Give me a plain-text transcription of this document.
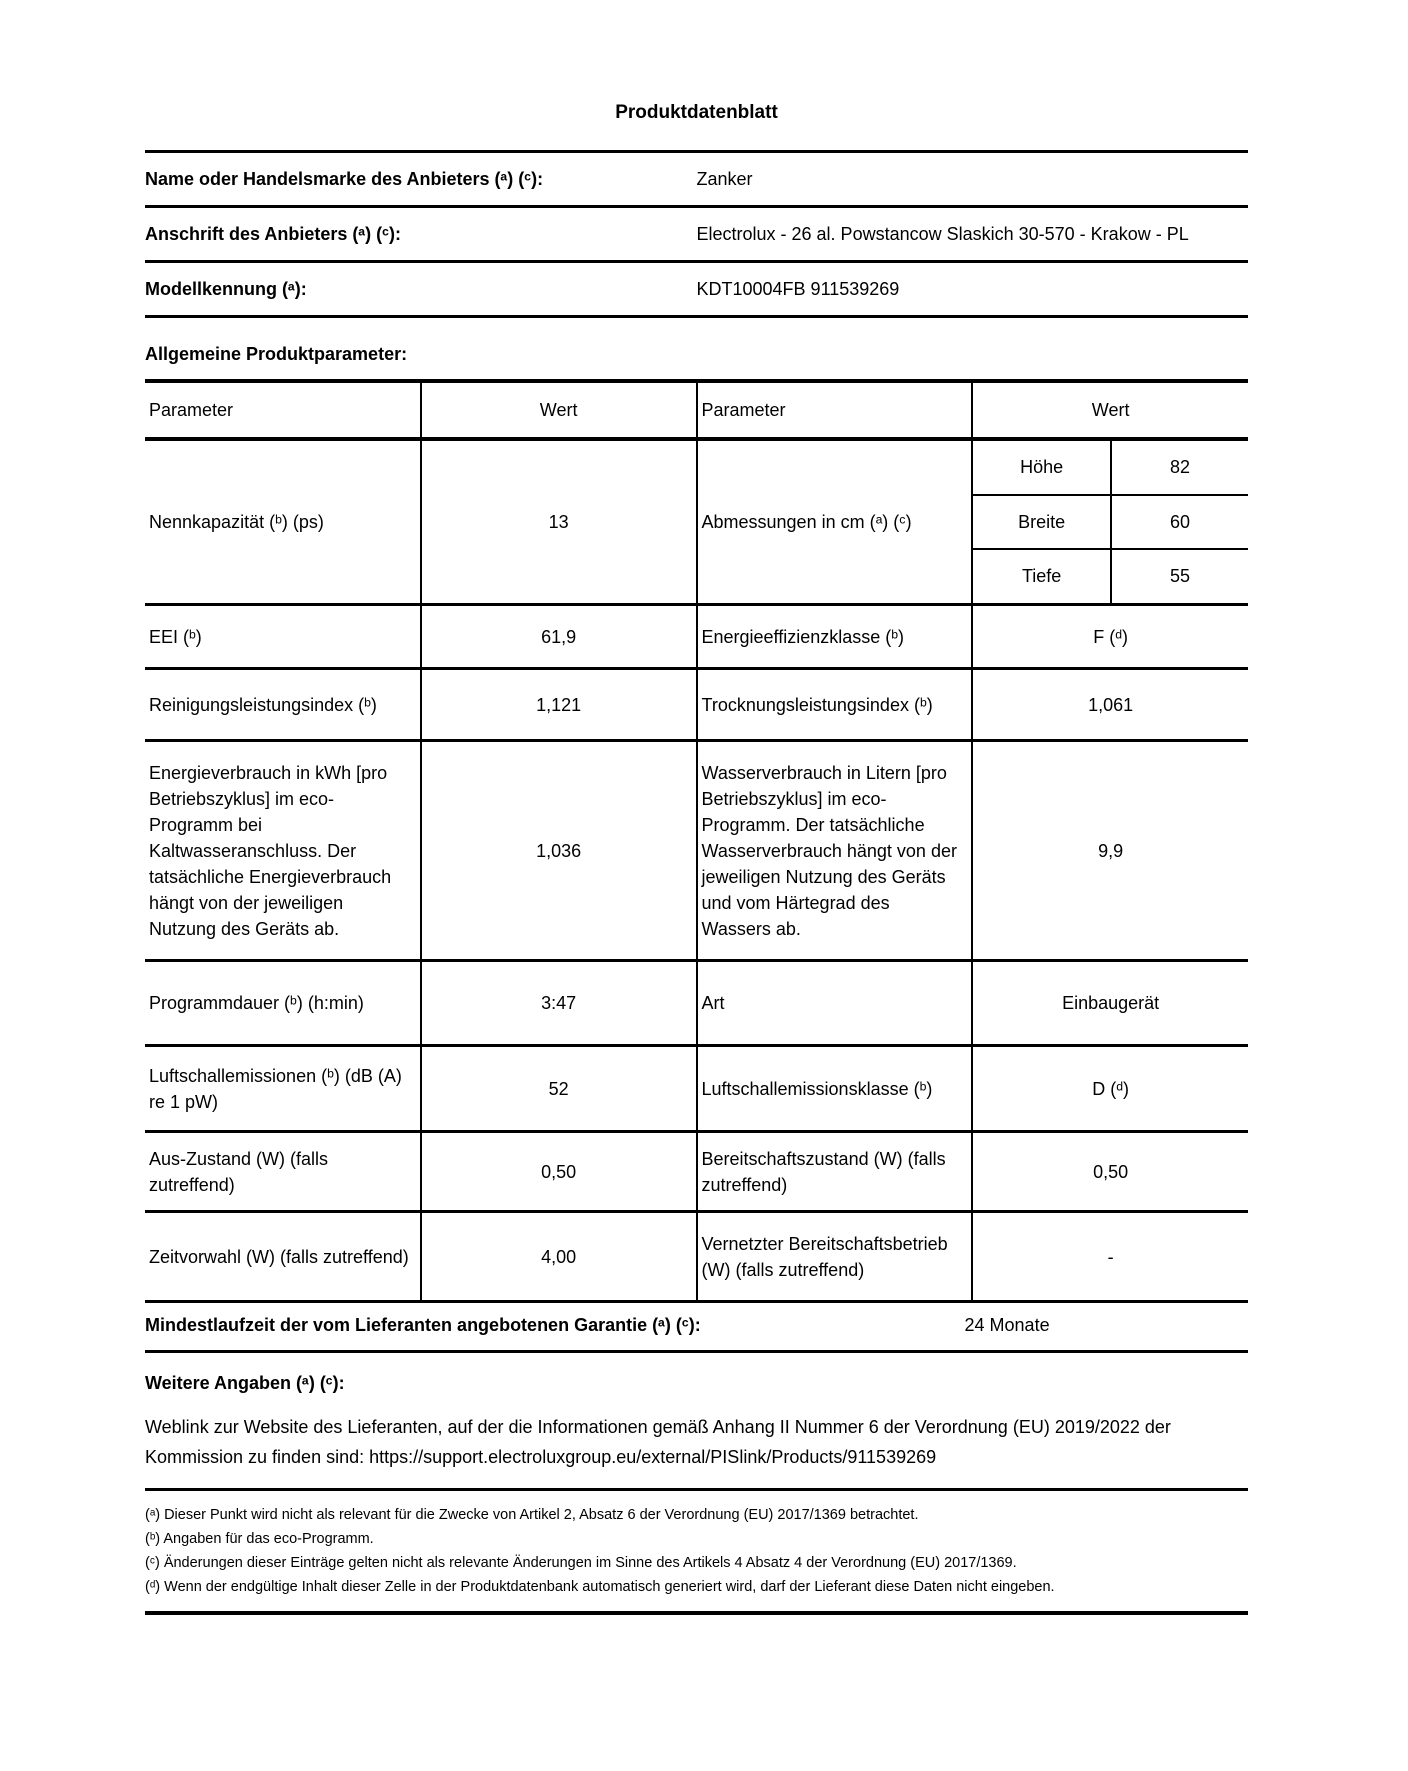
Produktdatenblatt
Name oder Handelsmarke des Anbieters (ᵃ) (ᶜ):	Zanker
Anschrift des Anbieters (ᵃ) (ᶜ):	Electrolux - 26 al. Powstancow Slaskich 30-570 - Krakow - PL
Modellkennung (ᵃ):	KDT10004FB 911539269
Allgemeine Produktparameter:
Parameter	Wert	Parameter	Wert
Nennkapazität (ᵇ) (ps)	13	Abmessungen in cm (ᵃ) (ᶜ)	
Höhe	82
Breite	60
Tiefe	55

EEI (ᵇ)	61,9	Energieeffizienzklasse (ᵇ)	F (ᵈ)
Reinigungsleistungsindex (ᵇ)	1,121	Trocknungsleistungsindex (ᵇ)	1,061
Energieverbrauch in kWh [pro Betriebszyklus] im eco-Programm bei Kaltwasseranschluss. Der tatsächliche Energieverbrauch hängt von der jeweiligen Nutzung des Geräts ab.	1,036	Wasserverbrauch in Litern [pro Betriebszyklus] im eco-Programm. Der tatsächliche Wasserverbrauch hängt von der jeweiligen Nutzung des Geräts und vom Härtegrad des Wassers ab.	9,9
Programmdauer (ᵇ) (h:min)	3:47	Art	Einbaugerät
Luftschallemissionen (ᵇ) (dB (A) re 1 pW)	52	Luftschallemissionsklasse (ᵇ)	D (ᵈ)
Aus-Zustand (W) (falls zutreffend)	0,50	Bereitschaftszustand (W) (falls zutreffend)	0,50
Zeitvorwahl (W) (falls zutreffend)	4,00	Vernetzter Bereitschaftsbetrieb (W) (falls zutreffend)	-
Mindestlaufzeit der vom Lieferanten angebotenen Garantie (ᵃ) (ᶜ):	24 Monate
Weitere Angaben (ᵃ) (ᶜ):
Weblink zur Website des Lieferanten, auf der die Informationen gemäß Anhang II Nummer 6 der Verordnung (EU) 2019/2022 der Kommission zu finden sind: https://support.electroluxgroup.eu/external/PISlink/Products/911539269
(ᵃ) Dieser Punkt wird nicht als relevant für die Zwecke von Artikel 2, Absatz 6 der Verordnung (EU) 2017/1369 betrachtet.
(ᵇ) Angaben für das eco-Programm.
(ᶜ) Änderungen dieser Einträge gelten nicht als relevante Änderungen im Sinne des Artikels 4 Absatz 4 der Verordnung (EU) 2017/1369.
(ᵈ) Wenn der endgültige Inhalt dieser Zelle in der Produktdatenbank automatisch generiert wird, darf der Lieferant diese Daten nicht eingeben.
